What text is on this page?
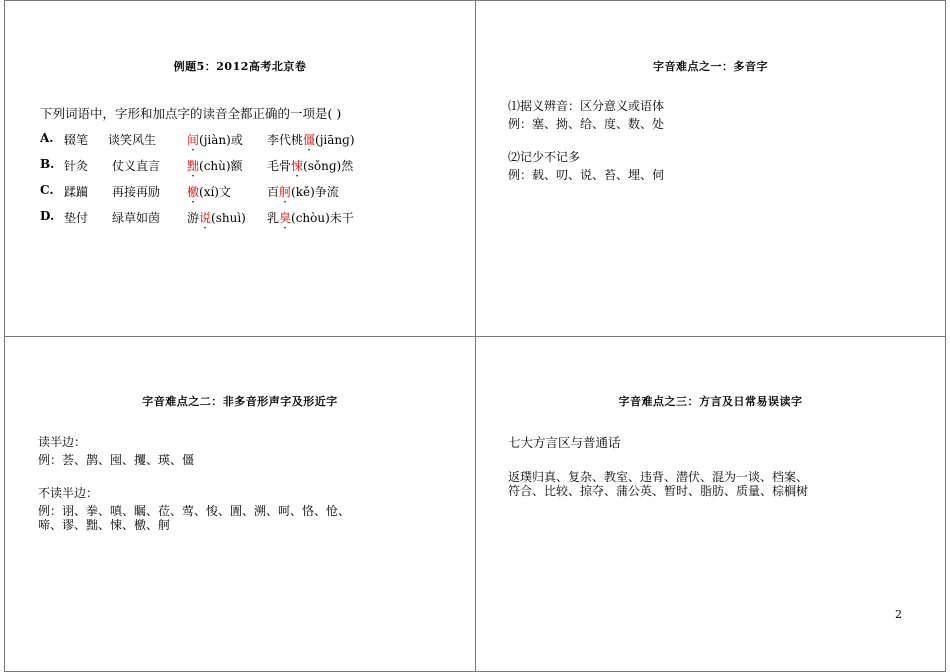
例题5：2012高考北京卷
下列词语中，字形和加点字的读音全都正确的一项是( )
A. 辍笔 谈笑风生	间(jiàn)或 李代桃僵(jiānɡ)
B. 针灸 仗义直言 黜(chù)额 毛骨悚(sǒnɡ)然
C. 蹂躏 再接再励 檄(xí)文	百舸(kě)争流
D. 垫付 绿草如茵 游说(shuì) 乳臭(chòu)未干
字音难点之一：多音字
⑴据义辨音：区分意义或语体
例：塞、拗、给、度、数、处
⑵记少不记多
例：载、叨、说、苔、埋、伺
字音难点之二：非多音形声字及形近字
读半边：
例：荟、鹊、囤、攫、瑛、僵
不读半边：
例：诩、拳、嗔、瞩、莅、莺、悛、圊、溯、呵、恪、怆、
啼、谬、黜、悚、檄、舸
字音难点之三：方言及日常易误读字
七大方言区与普通话
返璞归真、复杂、教室、违背、潜伏、混为一谈、档案、
符合、比较、掠夺、蒲公英、暂时、脂肪、质量、棕榈树
2
